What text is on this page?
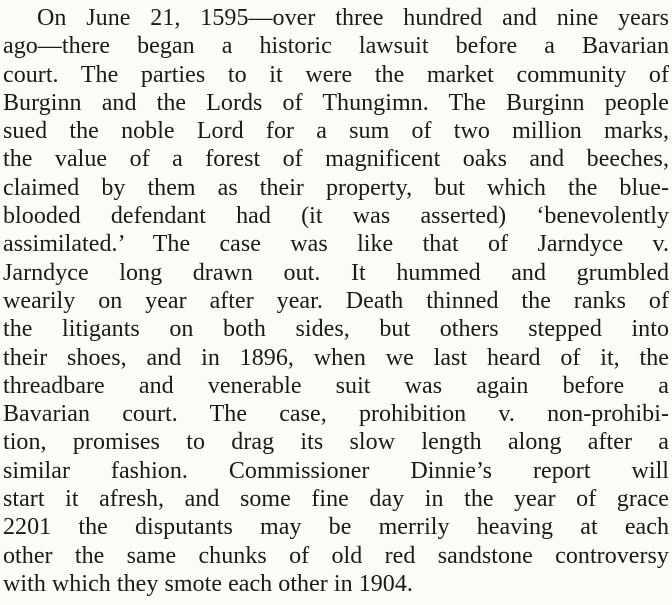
On June 21, 1595—over three hundred and nine years
ago—there began a historic lawsuit before a Bavarian
court. The parties to it were the market community of
Burginn and the Lords of Thungimn. The Burginn people
sued the noble Lord for a sum of two million marks,
the value of a forest of magnificent oaks and beeches,
claimed by them as their property, but which the blue-
blooded defendant had (it was asserted) ‘benevolently
assimilated.’ The case was like that of Jarndyce v.
Jarndyce long drawn out. It hummed and grumbled
wearily on year after year. Death thinned the ranks of
the litigants on both sides, but others stepped into
their shoes, and in 1896, when we last heard of it, the
threadbare and venerable suit was again before a
Bavarian court. The case, prohibition v. non-prohibi-
tion, promises to drag its slow length along after a
similar fashion. Commissioner Dinnie’s report will
start it afresh, and some fine day in the year of grace
2201 the disputants may be merrily heaving at each
other the same chunks of old red sandstone controversy
with which they smote each other in 1904.
